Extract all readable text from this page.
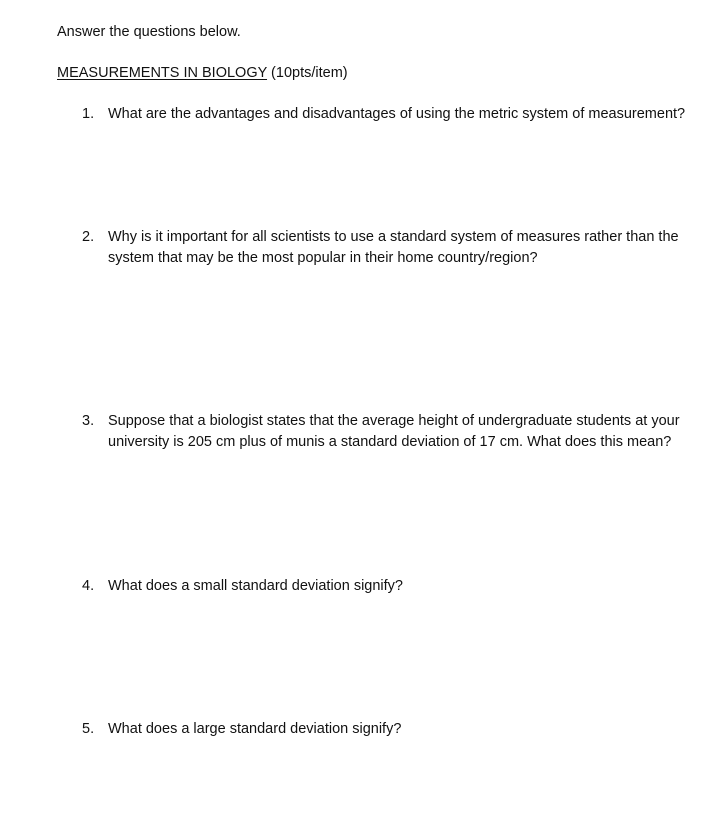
Answer the questions below.
MEASUREMENTS IN BIOLOGY (10pts/item)
1. What are the advantages and disadvantages of using the metric system of measurement?
2. Why is it important for all scientists to use a standard system of measures rather than the system that may be the most popular in their home country/region?
3. Suppose that a biologist states that the average height of undergraduate students at your university is 205 cm plus of munis a standard deviation of 17 cm. What does this mean?
4. What does a small standard deviation signify?
5. What does a large standard deviation signify?
